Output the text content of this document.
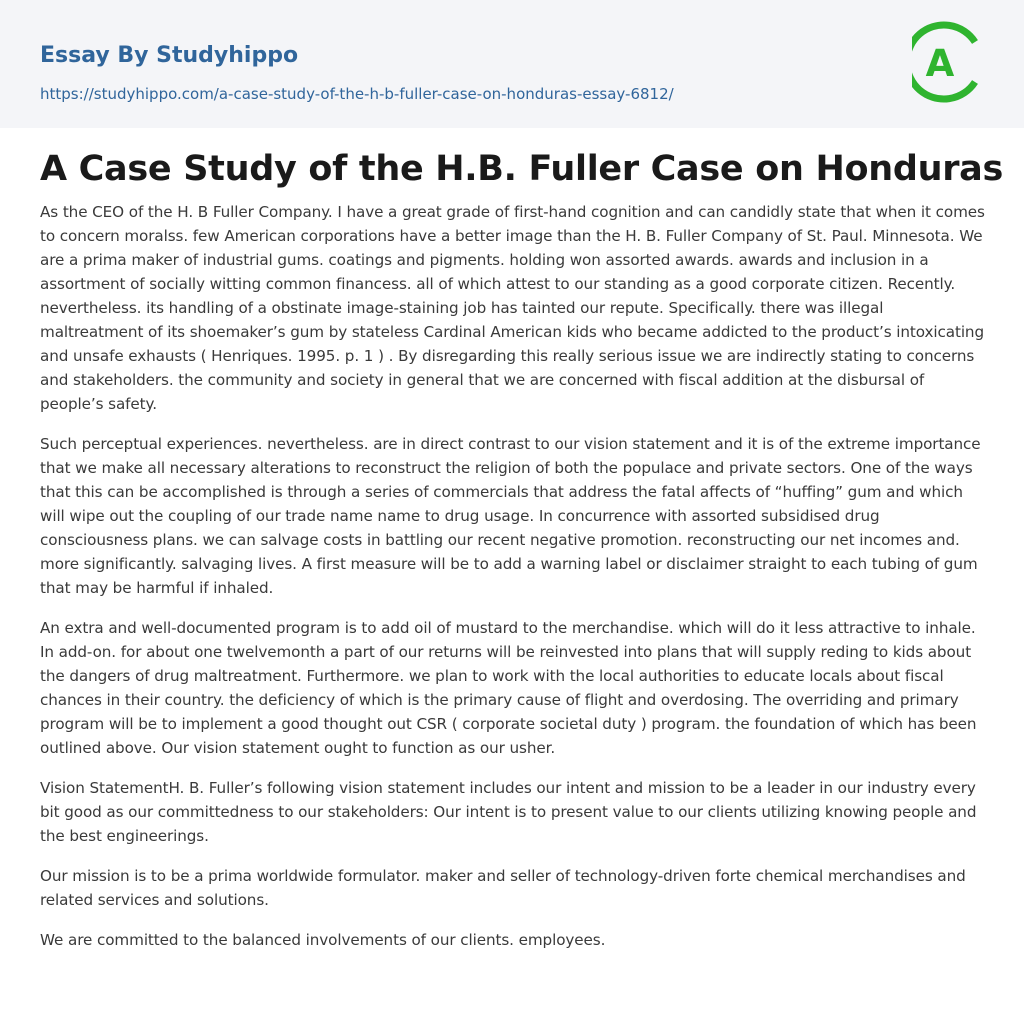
Essay By Studyhippo
https://studyhippo.com/a-case-study-of-the-h-b-fuller-case-on-honduras-essay-6812/
A
A Case Study of the H.B. Fuller Case on Honduras

As the CEO of the H. B Fuller Company. I have a great grade of first-hand cognition and can candidly state that when it comes to concern moralss. few American corporations have a better image than the H. B. Fuller Company of St. Paul. Minnesota. We are a prima maker of industrial gums. coatings and pigments. holding won assorted awards. awards and inclusion in a assortment of socially witting common financess. all of which attest to our standing as a good corporate citizen. Recently. nevertheless. its handling of a obstinate image-staining job has tainted our repute. Specifically. there was illegal maltreatment of its shoemaker’s gum by stateless Cardinal American kids who became addicted to the product’s intoxicating and unsafe exhausts ( Henriques. 1995. p. 1 ) . By disregarding this really serious issue we are indirectly stating to concerns and stakeholders. the community and society in general that we are concerned with fiscal addition at the disbursal of people’s safety.

Such perceptual experiences. nevertheless. are in direct contrast to our vision statement and it is of the extreme importance that we make all necessary alterations to reconstruct the religion of both the populace and private sectors. One of the ways that this can be accomplished is through a series of commercials that address the fatal affects of “huffing” gum and which will wipe out the coupling of our trade name name to drug usage. In concurrence with assorted subsidised drug consciousness plans. we can salvage costs in battling our recent negative promotion. reconstructing our net incomes and. more significantly. salvaging lives. A first measure will be to add a warning label or disclaimer straight to each tubing of gum that may be harmful if inhaled.

An extra and well-documented program is to add oil of mustard to the merchandise. which will do it less attractive to inhale. In add-on. for about one twelvemonth a part of our returns will be reinvested into plans that will supply reding to kids about the dangers of drug maltreatment. Furthermore. we plan to work with the local authorities to educate locals about fiscal chances in their country. the deficiency of which is the primary cause of flight and overdosing. The overriding and primary program will be to implement a good thought out CSR ( corporate societal duty ) program. the foundation of which has been outlined above. Our vision statement ought to function as our usher.

Vision StatementH. B. Fuller’s following vision statement includes our intent and mission to be a leader in our industry every bit good as our committedness to our stakeholders: Our intent is to present value to our clients utilizing knowing people and the best engineerings.

Our mission is to be a prima worldwide formulator. maker and seller of technology-driven forte chemical merchandises and related services and solutions.

We are committed to the balanced involvements of our clients. employees.
